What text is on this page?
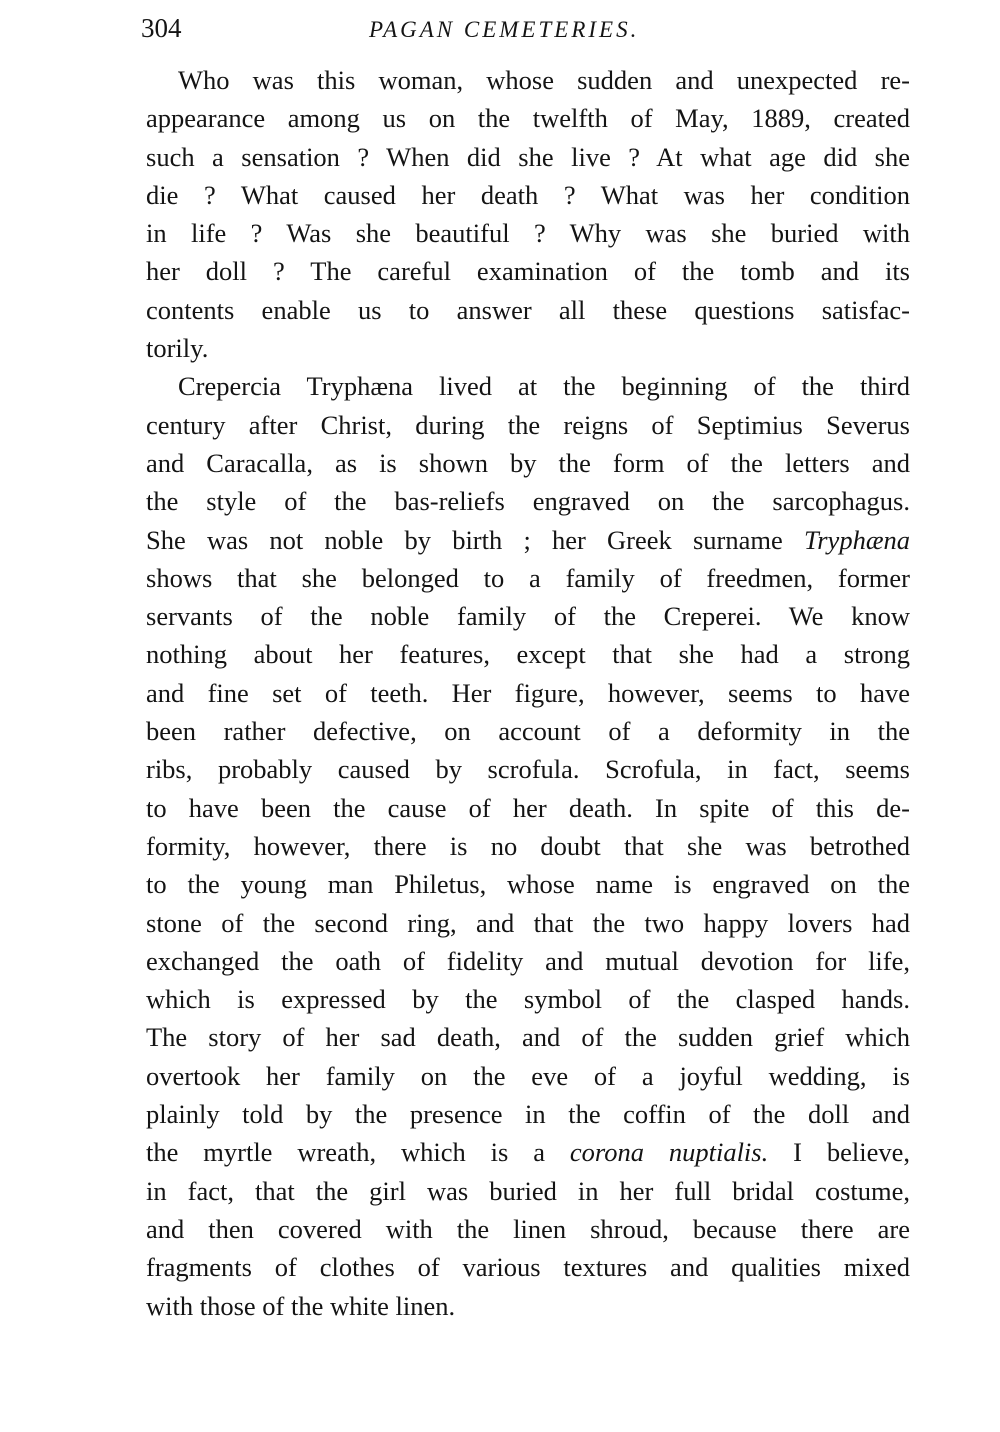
304	PAGAN CEMETERIES.
Who was this woman, whose sudden and unexpected re-
appearance among us on the twelfth of May, 1889, created
such a sensation ? When did she live ? At what age did she
die ? What caused her death ? What was her condition
in life ? Was she beautiful ? Why was she buried with
her doll ? The careful examination of the tomb and its
contents enable us to answer all these questions satisfac-
torily.
Crepercia Tryphæna lived at the beginning of the third
century after Christ, during the reigns of Septimius Severus
and Caracalla, as is shown by the form of the letters and
the style of the bas-reliefs engraved on the sarcophagus.
She was not noble by birth ; her Greek surname Tryphæna
shows that she belonged to a family of freedmen, former
servants of the noble family of the Creperei. We know
nothing about her features, except that she had a strong
and fine set of teeth. Her figure, however, seems to have
been rather defective, on account of a deformity in the
ribs, probably caused by scrofula. Scrofula, in fact, seems
to have been the cause of her death. In spite of this de-
formity, however, there is no doubt that she was betrothed
to the young man Philetus, whose name is engraved on the
stone of the second ring, and that the two happy lovers had
exchanged the oath of fidelity and mutual devotion for life,
which is expressed by the symbol of the clasped hands.
The story of her sad death, and of the sudden grief which
overtook her family on the eve of a joyful wedding, is
plainly told by the presence in the coffin of the doll and
the myrtle wreath, which is a corona nuptialis. I believe,
in fact, that the girl was buried in her full bridal costume,
and then covered with the linen shroud, because there are
fragments of clothes of various textures and qualities mixed
with those of the white linen.
